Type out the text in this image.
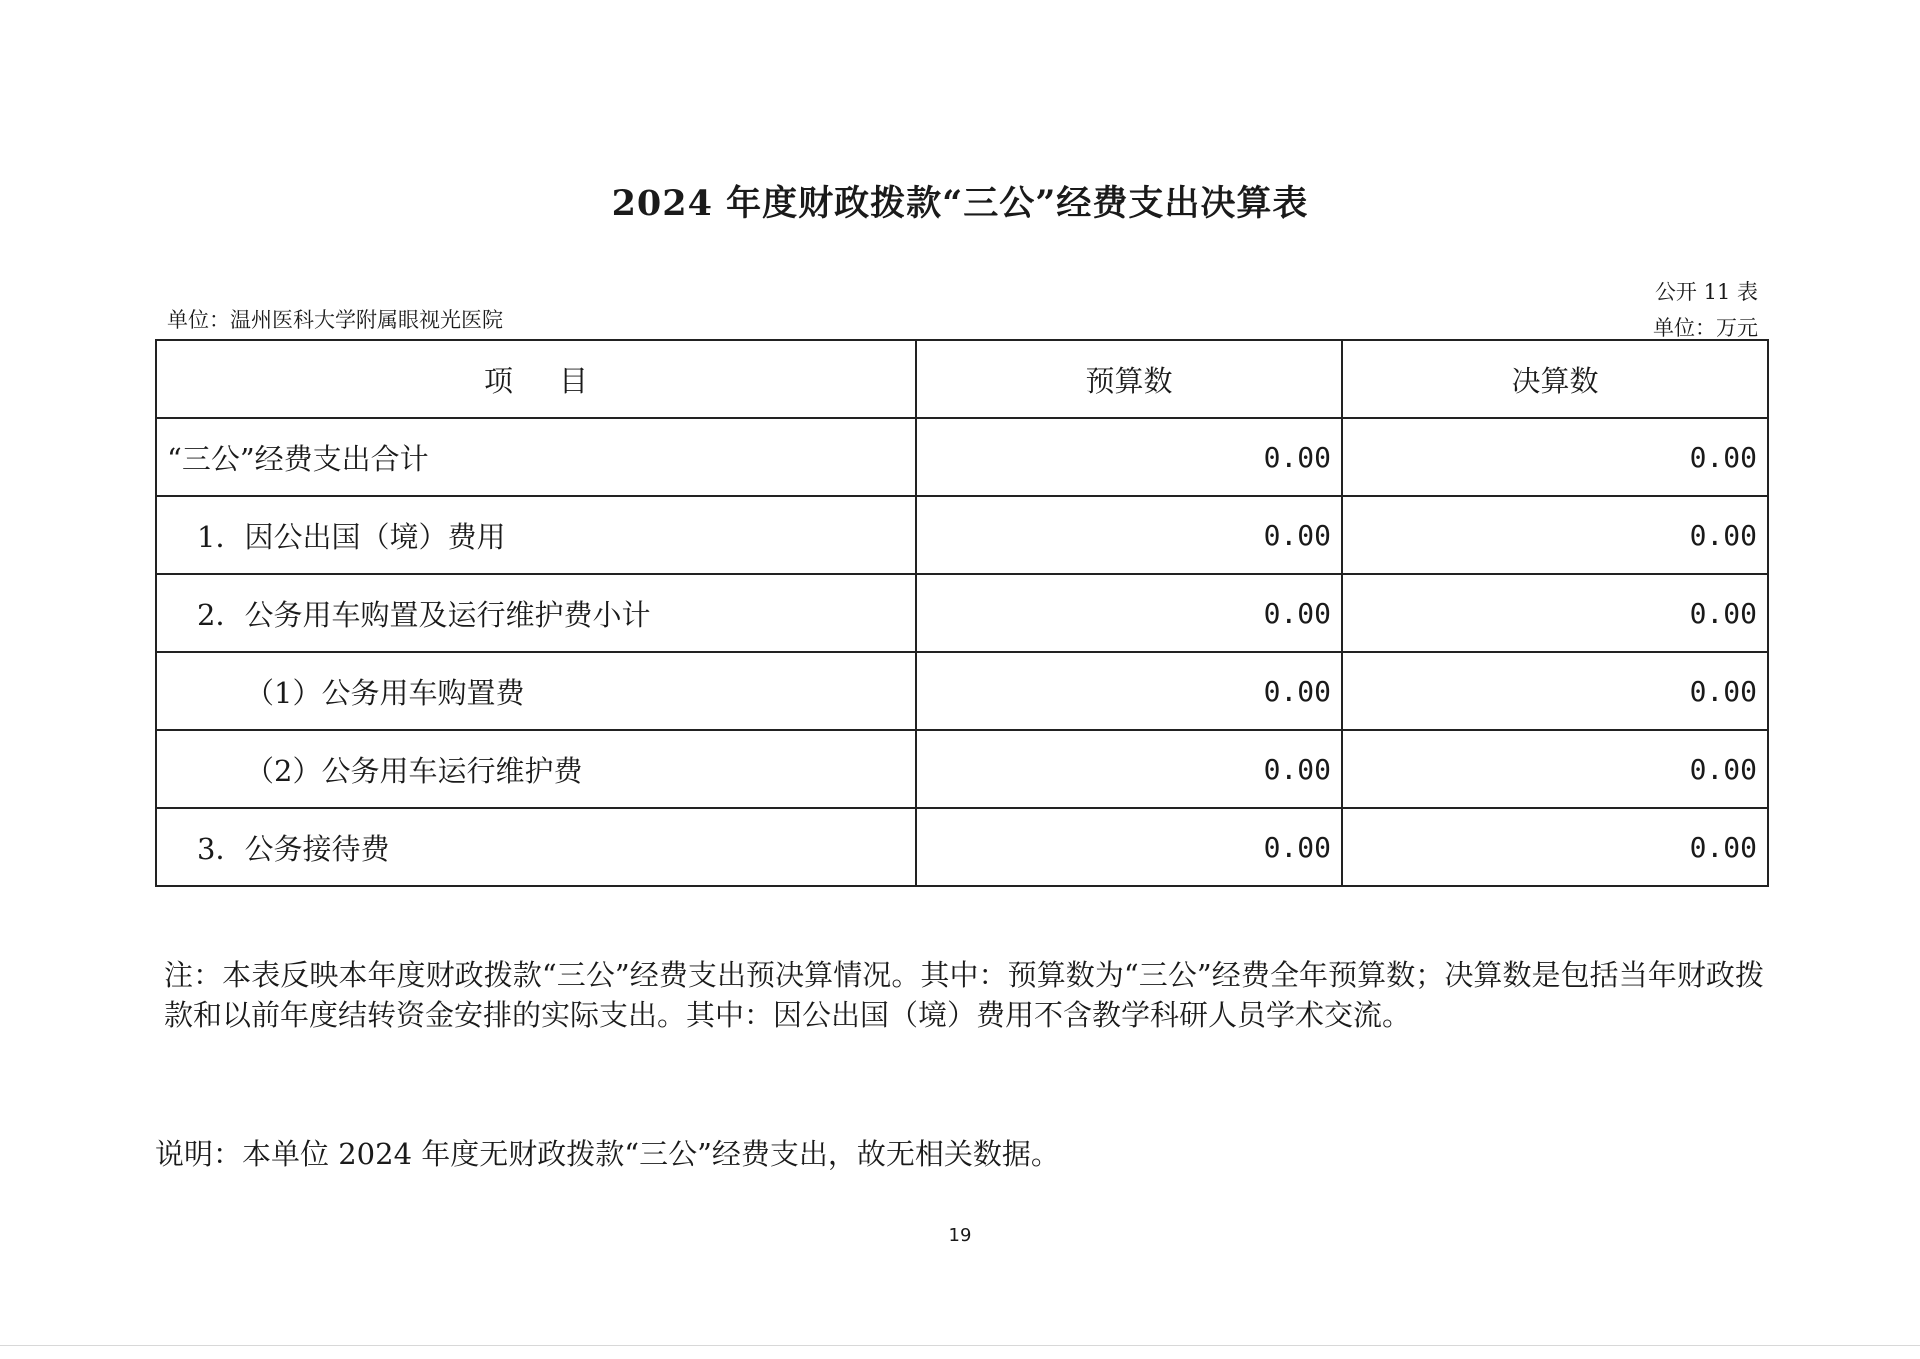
2024 年度财政拨款“三公”经费支出决算表
公开 11 表
单位：温州医科大学附属眼视光医院	单位：万元
项目	预算数	决算数
“三公”经费支出合计	0.00	0.00
1．因公出国（境）费用	0.00	0.00
2．公务用车购置及运行维护费小计	0.00	0.00
（1）公务用车购置费	0.00	0.00
（2）公务用车运行维护费	0.00	0.00
3．公务接待费	0.00	0.00
注：本表反映本年度财政拨款“三公”经费支出预决算情况。其中：预算数为“三公”经费全年预算数；决算数是包括当年财政拨款和以前年度结转资金安排的实际支出。其中：因公出国（境）费用不含教学科研人员学术交流。
说明：本单位 2024 年度无财政拨款“三公”经费支出，故无相关数据。
19
